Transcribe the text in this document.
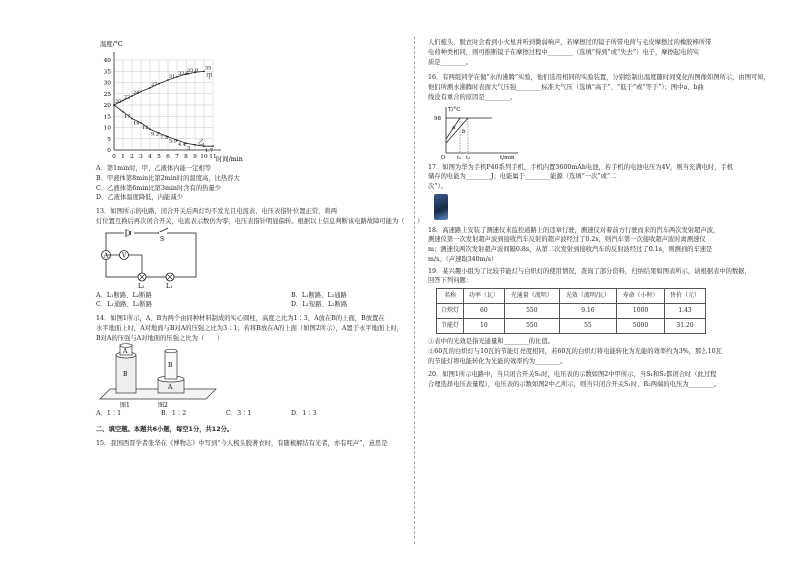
0
5
10
15
20
25
30
35
40
0 1 2 3 4 5 6 7 8 9 10 11
20
22
24
27
31
32.5
33.8 35
17
14
12
9.2
7.5
5.9
4.4
3	1.7
温度/°C
时间/min
甲
乙
A．第1min时，甲、乙液体内能一定相等
B．甲液体第8min比第2min时的温度高，比热容大
C．乙液体第6min比第3min时含有的热量少
D．乙液体温度降低，内能减少
13．如图所示的电路，闭合开关后两灯均不发光且电流表、电压表指针位置正常，将两
灯位置互换后再次闭合开关，电流表示数仍为零，电压表指针明显偏转。根据以上信息判断该电路故障可能为（　　）
S
A V
L₂	L₁
A．L₁断路、L₂断路	B．L₁断路、L₂通路
C．L₁通路、L₂断路	D．L₁短路、L₂断路
14．如图1所示，A、B为两个由同种材料制成的实心圆柱，高度之比为1∶3，A放在B的上面，B放置在
水平地面上时，A对地面与B对A的压强之比为3∶1；若将B放在A的上面（如图2所示），A置于水平地面上时，
B对A的压强与A对地面的压强之比为（　　）
A
B
B
A
图1	图2
A．1∶1	B．1∶2	C．3∶1	D．1∶3
二、填空题。本题共6小题，每空1分，共12分。
15．我国西晋学者张华在《博物志》中写到“今人梳头脱著衣时，有随梳解结有光者，亦有咤声”，意思是
人们梳头、脱衣时会看到小火星并听到微弱响声，若摩擦过的镜子所带电荷与毛皮摩擦过的橡胶棒所带
电荷种类相同，则可推断镜子在摩擦过程中________（选填“得到”或“失去”）电子，摩擦起电的实
质是________。
16．有两组同学在做“水的沸腾”实验，他们选用相同的实验装置，分别绘制出温度随时间变化的图像如图所示，由图可知，
他们所测水沸腾时表面大气压强________标准大气压（选填“高于”、“低于”或“等于”）；图中a、b曲
线没有重合的原因是________。
T/°C
t/min
98
O
a
b
t₁ t₂
17．如图为华为手机P40系列手机，手机内置3600mAh电池，若手机的电池电压为4V，则当充满电时，手机
储存的电能为________J；电能属于________能源（选填“一次”或“二
次”）。
18．高速路上安装了测速仪来监控道路上的违章行驶，测速仪对着前方行驶而来的汽车两次发射超声波，
测速仪第一次发射超声波到接收汽车反射的超声波经过了0.2s，则汽车第一次接收超声波时离测速仪
m；测速仪两次发射超声波间隔0.8s，从第二次发射到接收汽车的反射波经过了0.1s，则测到的车速是
m/s。（声速取340m/s）
19．某兴趣小组为了比较节能灯与白炽灯的使用情况，查询了部分资料，归纳结果如图表所示，请根据表中的数据，
回答下列问题：
名称	功率（瓦）	光通量（流明）	光效（流明/瓦）	寿命（小时）	售价（元）
白炽灯	60	550	9.16	1000	1.43
节能灯	10	550	55	5000	31.20
①表中的光效是指光通量和________的比值。
②60瓦的白炽灯与10瓦的节能灯亮度相同，若60瓦的白炽灯将电能转化为光能的效率约为3%，那么10瓦
的节能灯将电能转化为光能的效率约为________。
20．如图1所示电路中，当只闭合开关S₁时，电压表的示数如图2中甲所示，当S₁和S₂都闭合时（此过程
合理选择电压表量程），电压表的示数如图2中乙所示，则当只闭合开关S₁时，R₂两端的电压为________。
